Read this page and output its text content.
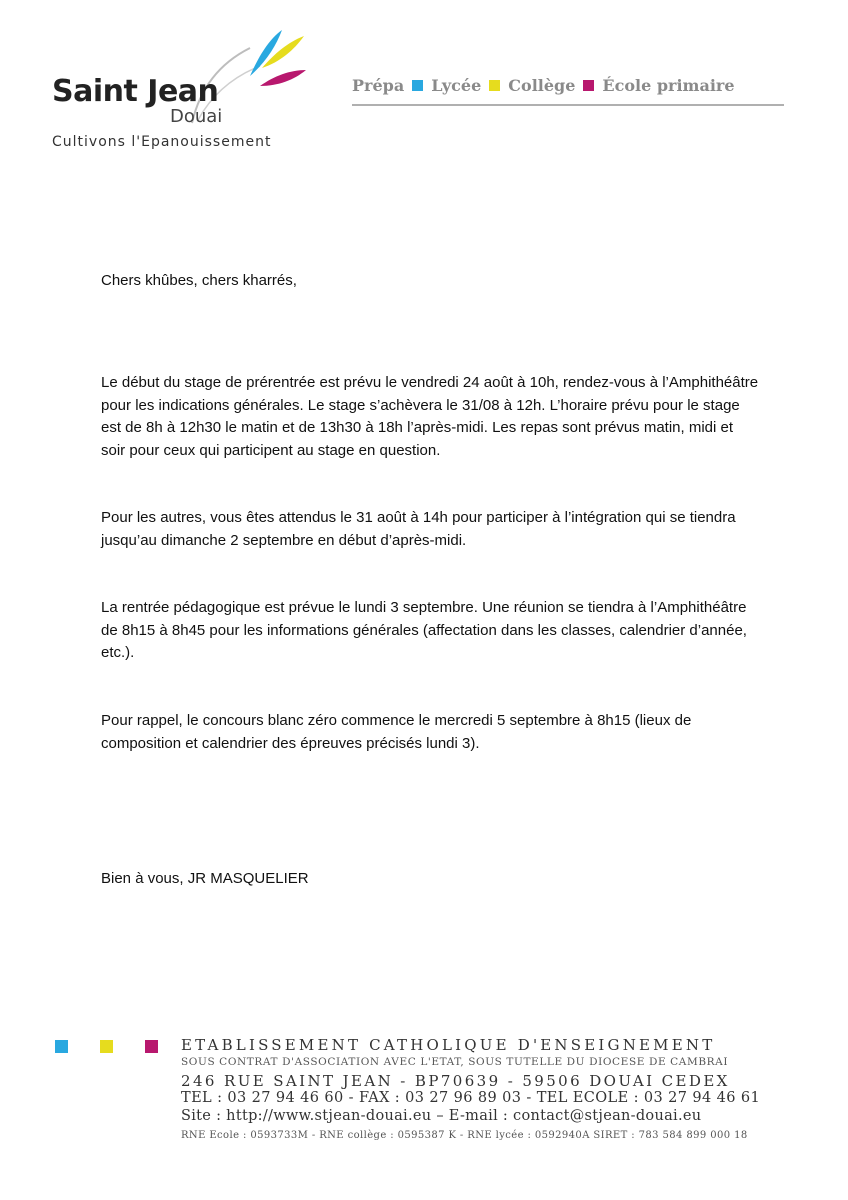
Saint Jean
Douai
Cultivons l'Epanouissement
Prépa Lycée Collège École primaire

Chers khûbes, chers kharrés,

Le début du stage de prérentrée est prévu le vendredi 24 août à 10h, rendez-vous à l’Amphithéâtre pour les indications générales. Le stage s’achèvera le 31/08 à 12h. L’horaire prévu pour le stage est de 8h à 12h30 le matin et de 13h30 à 18h l’après-midi. Les repas sont prévus matin, midi et soir pour ceux qui participent au stage en question.

Pour les autres, vous êtes attendus le 31 août à 14h pour participer à l’intégration qui se tiendra jusqu’au dimanche 2 septembre en début d’après-midi.

La rentrée pédagogique est prévue le lundi 3 septembre. Une réunion se tiendra à l’Amphithéâtre de 8h15 à 8h45 pour les informations générales (affectation dans les classes, calendrier d’année, etc.).

Pour rappel, le concours blanc zéro commence le mercredi 5 septembre à 8h15 (lieux de composition et calendrier des épreuves précisés lundi 3).

Bien à vous, JR MASQUELIER

ETABLISSEMENT CATHOLIQUE D'ENSEIGNEMENT
SOUS CONTRAT D'ASSOCIATION AVEC L'ETAT, SOUS TUTELLE DU DIOCESE DE CAMBRAI
246 RUE SAINT JEAN - BP70639 - 59506 DOUAI CEDEX
TEL : 03 27 94 46 60 - FAX : 03 27 96 89 03 - TEL ECOLE : 03 27 94 46 61
Site : http://www.stjean-douai.eu – E-mail : contact@stjean-douai.eu
RNE Ecole : 0593733M - RNE collège : 0595387 K - RNE lycée : 0592940A SIRET : 783 584 899 000 18
